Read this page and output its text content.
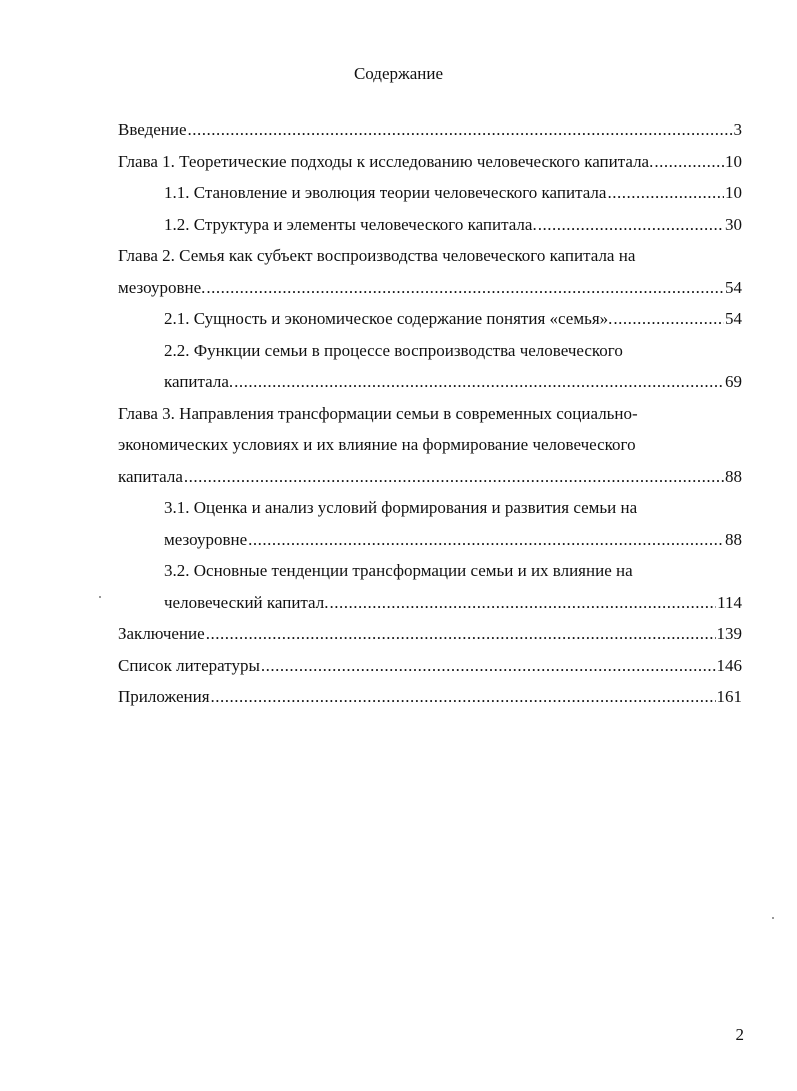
Содержание
Введение .....	3
Глава 1. Теоретические подходы к исследованию человеческого капитала. .....	10
1.1. Становление и эволюция теории человеческого капитала .....	10
1.2. Структура и элементы человеческого капитала. .....	30
Глава 2. Семья как субъект воспроизводства человеческого капитала на
мезоуровне. .....	54
2.1. Сущность и экономическое содержание понятия «семья». .....	54
2.2. Функции семьи в процессе воспроизводства человеческого
капитала. .....	69
Глава 3. Направления трансформации семьи в современных социально-
экономических условиях и их влияние на формирование человеческого
капитала .....	88
3.1. Оценка и анализ условий формирования и развития семьи на
мезоуровне .....	88
3.2. Основные тенденции трансформации семьи и их влияние на
человеческий капитал. .....	114
Заключение .....	139
Список литературы .....	146
Приложения .....	161
2
